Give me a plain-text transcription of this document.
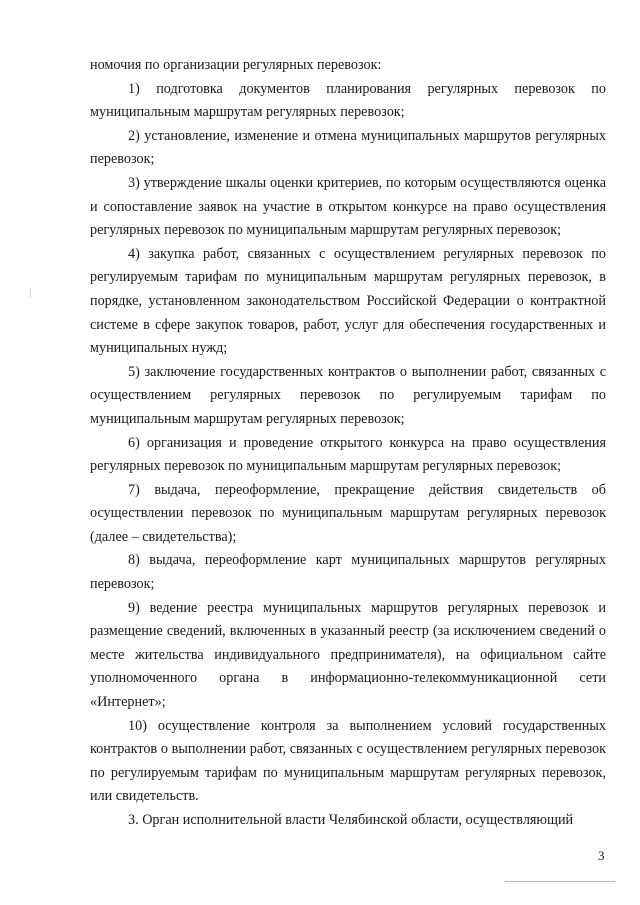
номочия по организации регулярных перевозок:

1) подготовка документов планирования регулярных перевозок по муниципальным маршрутам регулярных перевозок;

2) установление, изменение и отмена муниципальных маршрутов регулярных перевозок;

3) утверждение шкалы оценки критериев, по которым осуществляются оценка и сопоставление заявок на участие в открытом конкурсе на право осуществления регулярных перевозок по муниципальным маршрутам регулярных перевозок;

4) закупка работ, связанных с осуществлением регулярных перевозок по регулируемым тарифам по муниципальным маршрутам регулярных перевозок, в порядке, установленном законодательством Российской Федерации о контрактной системе в сфере закупок товаров, работ, услуг для обеспечения государственных и муниципальных нужд;

5) заключение государственных контрактов о выполнении работ, связанных с осуществлением регулярных перевозок по регулируемым тарифам по муниципальным маршрутам регулярных перевозок;

6) организация и проведение открытого конкурса на право осуществления регулярных перевозок по муниципальным маршрутам регулярных перевозок;

7) выдача, переоформление, прекращение действия свидетельств об осуществлении перевозок по муниципальным маршрутам регулярных перевозок (далее – свидетельства);

8) выдача, переоформление карт муниципальных маршрутов регулярных перевозок;

9) ведение реестра муниципальных маршрутов регулярных перевозок и размещение сведений, включенных в указанный реестр (за исключением сведений о месте жительства индивидуального предпринимателя), на официальном сайте уполномоченного органа в информационно-телекоммуникационной сети «Интернет»;

10) осуществление контроля за выполнением условий государственных контрактов о выполнении работ, связанных с осуществлением регулярных перевозок по регулируемым тарифам по муниципальным маршрутам регулярных перевозок, или свидетельств.

3. Орган исполнительной власти Челябинской области, осуществляющий

3
